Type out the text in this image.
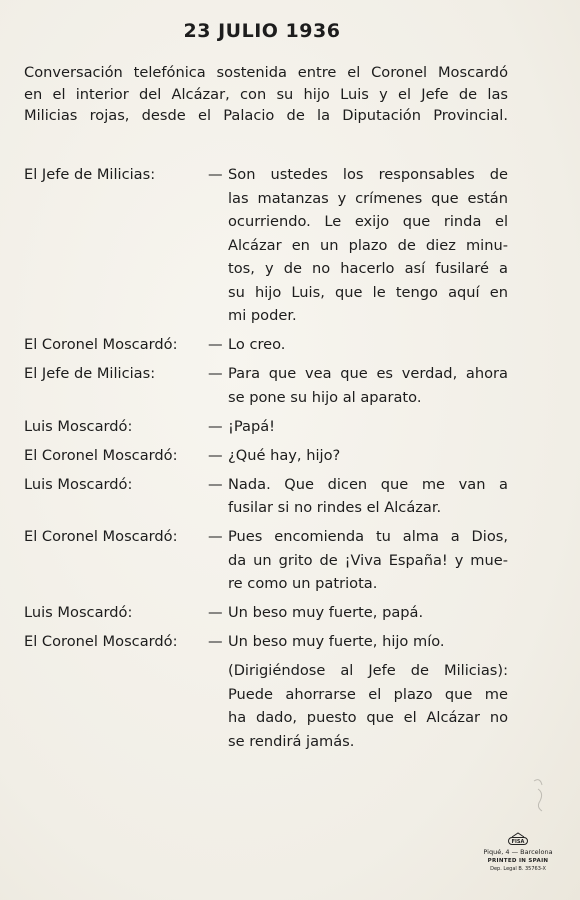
23 JULIO 1936
Conversación telefónica sostenida entre el Coronel Moscardó
en el interior del Alcázar, con su hijo Luis y el Jefe de las
Milicias rojas, desde el Palacio de la Diputación Provincial.
El Jefe de Milicias:	— Son ustedes los responsables de
las matanzas y crímenes que están
ocurriendo. Le exijo que rinda el
Alcázar en un plazo de diez minu-
tos, y de no hacerlo así fusilaré a
su hijo Luis, que le tengo aquí en
mi poder.
El Coronel Moscardó:	— Lo creo.
El Jefe de Milicias:	— Para que vea que es verdad, ahora
se pone su hijo al aparato.
Luis Moscardó:	— ¡Papá!
El Coronel Moscardó:	— ¿Qué hay, hijo?
Luis Moscardó:	— Nada. Que dicen que me van a
fusilar si no rindes el Alcázar.
El Coronel Moscardó:	— Pues encomienda tu alma a Dios,
da un grito de ¡Viva España! y mue-
re como un patriota.
Luis Moscardó:	— Un beso muy fuerte, papá.
El Coronel Moscardó:	— Un beso muy fuerte, hijo mío.
(Dirigiéndose al Jefe de Milicias):
Puede ahorrarse el plazo que me
ha dado, puesto que el Alcázar no
se rendirá jamás.
FISA
Piqué, 4 — Barcelona
PRINTED IN SPAIN
Dep. Legal B. 35763-X
